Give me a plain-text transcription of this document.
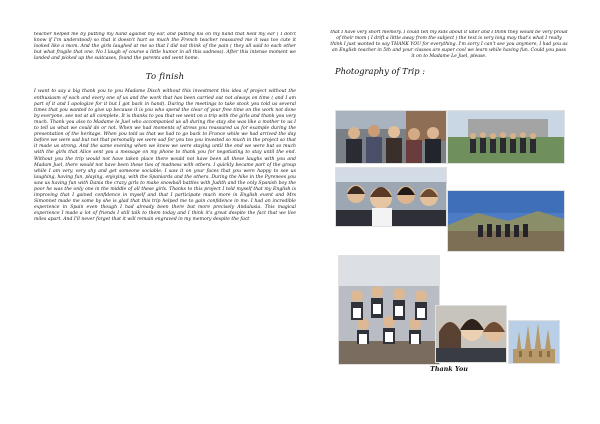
teacher helped me by putting my hand against my ear, and putting his on my hand that held my ear ( I don't know if I'm understood) so that it doesn't hurt so much the French teacher reassured me it was too cute it looked like a mom. And the girls laughed at me so that I did not think of the pain ( they all said to each other but what fragile that one. No I laugh of course a little humor in all this sadness). After this intense moment we landed and picked up the suitcases, found the parents and went home.

To finish

I want to say a big thank you to you Madame Disch without this investment this idea of project without the enthusiasm of each and every one of us and the work that has been carried out not always on time ( and I am part of it and I apologize for it but I got back in hand). During the meetings to take stock you told us several times that you wanted to give up because it is you who spend the clear of your free time on the work not done by everyone, see not at all complete. It is thanks to you that we went on a trip with the girls and thank you very much. Thank you also to Madame le Juel who accompanied us all during the stay she was like a mother to us I to tell us what we could do or not. When we had moments of stress you reassured us for example during the presentation of the heritage. When you told us that we had to go back to France while we had arrived the day before we were sad but not that personally we were sad for you too you invested so much in the project so that it made us strong. And the same evening when we knew we were staying until the end we were but so much with the girls that Alice sent you a message on my phone to thank you for negotiating to stay until the end. Without you the trip would not have taken place there would not have been all these laughs with you and Madam Juel, there would not have been these ties of madness with others. I quickly became part of the group while I am very, very shy and get someone sociable. I saw it on your faces that you were happy to see us laughing, having fun, playing, enjoying, with the Spaniards and the others. During the hike in the Pyrenees you saw us having fun with Dania the crazy girls to make snowball battles with Judith and the only Spanish boy the poor he was the only one in the middle of all these girls. Thanks to this project I told myself that my English is improving that I gained confidence in myself and that I participate much more in English event and Mrs Simonnet made me some by she is glad that this trip helped me to gain confidence in me. I had an incredible experience in Spain even though I had already been there but more precisely Andalusia. This magical experience I made a lot of friends I still talk to them today and I think it's great despite the fact that we live miles apart. And I'll never forget that it will remain engraved in my memory despite the fact

that I have very short memory. I could tell my kids about it later and I think they would be very proud of their mom ( I drift a little away from the subject ) the text is very long may that's what I really think I just wanted to say THANK YOU for everything. I'm sorry I can't see you anymore, I had you as an English teacher in 5th and your classes are super cool we learn while having fun. Could you pass it on to Madame Le Juel, please.

Photography of Trip :
Thank You
